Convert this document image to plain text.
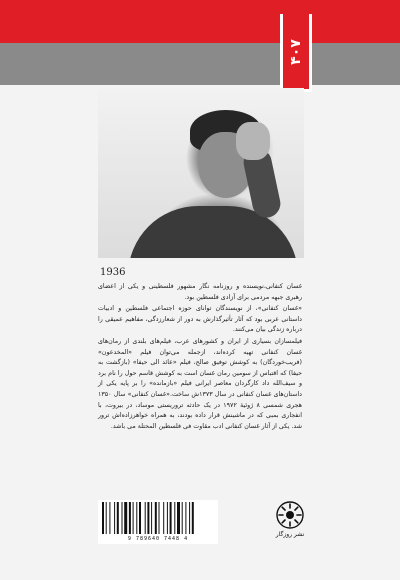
۴۰۷
1936

غسان کنفانی،نویسنده و روزنامه نگار مشهور فلسطینی و یکی از اعضای رهبری جبهه مردمی برای آزادی فلسطین بود.

«غسان کنفانی»، از نویسندگان توانای حوزه اجتماعی فلسطین و ادبیات داستانی عربی بود که آثار تأثیرگذارش به دور از شعارزدگی، مفاهیم عمیقی را درباره زندگی بیان می‌کنند.

فیلمسازان بسیاری از ایران و کشورهای عرب، فیلم‌های بلندی از رمان‌های غسان کنفانی تهیه کرده‌اند، ازجمله می‌توان فیلم «المخدعون» (فریب‌خوردگان) به کوشش توفیق صالح، فیلم «عائد الی حیفا» (بازگشت به حیفا) که اقتباس از سومین رمان غسان است به کوشش قاسم حول را نام برد و سیف‌الله داد کارگردان معاصر ایرانی فیلم «بازمانده» را بر پایه یکی از داستان‌های غسان کنفانی در سال ۱۳۷۳ش ساخت.«غسان کنفانی» سال ۱۳۵۰ هجری شمسی ۸ ژوئیهٔ ۱۹۷۲ در یک حادثه تروریستی موساد، در بیروت، با انفجاری بمبی که در ماشینش قرار داده بودند، به همراه خواهرزاده‌اش ترور شد. یکی از آثار غسان کنفانی ادب مقاوت فی فلسطین المحتلة می باشد.

9 789640 7448 4
نشر روزگار
